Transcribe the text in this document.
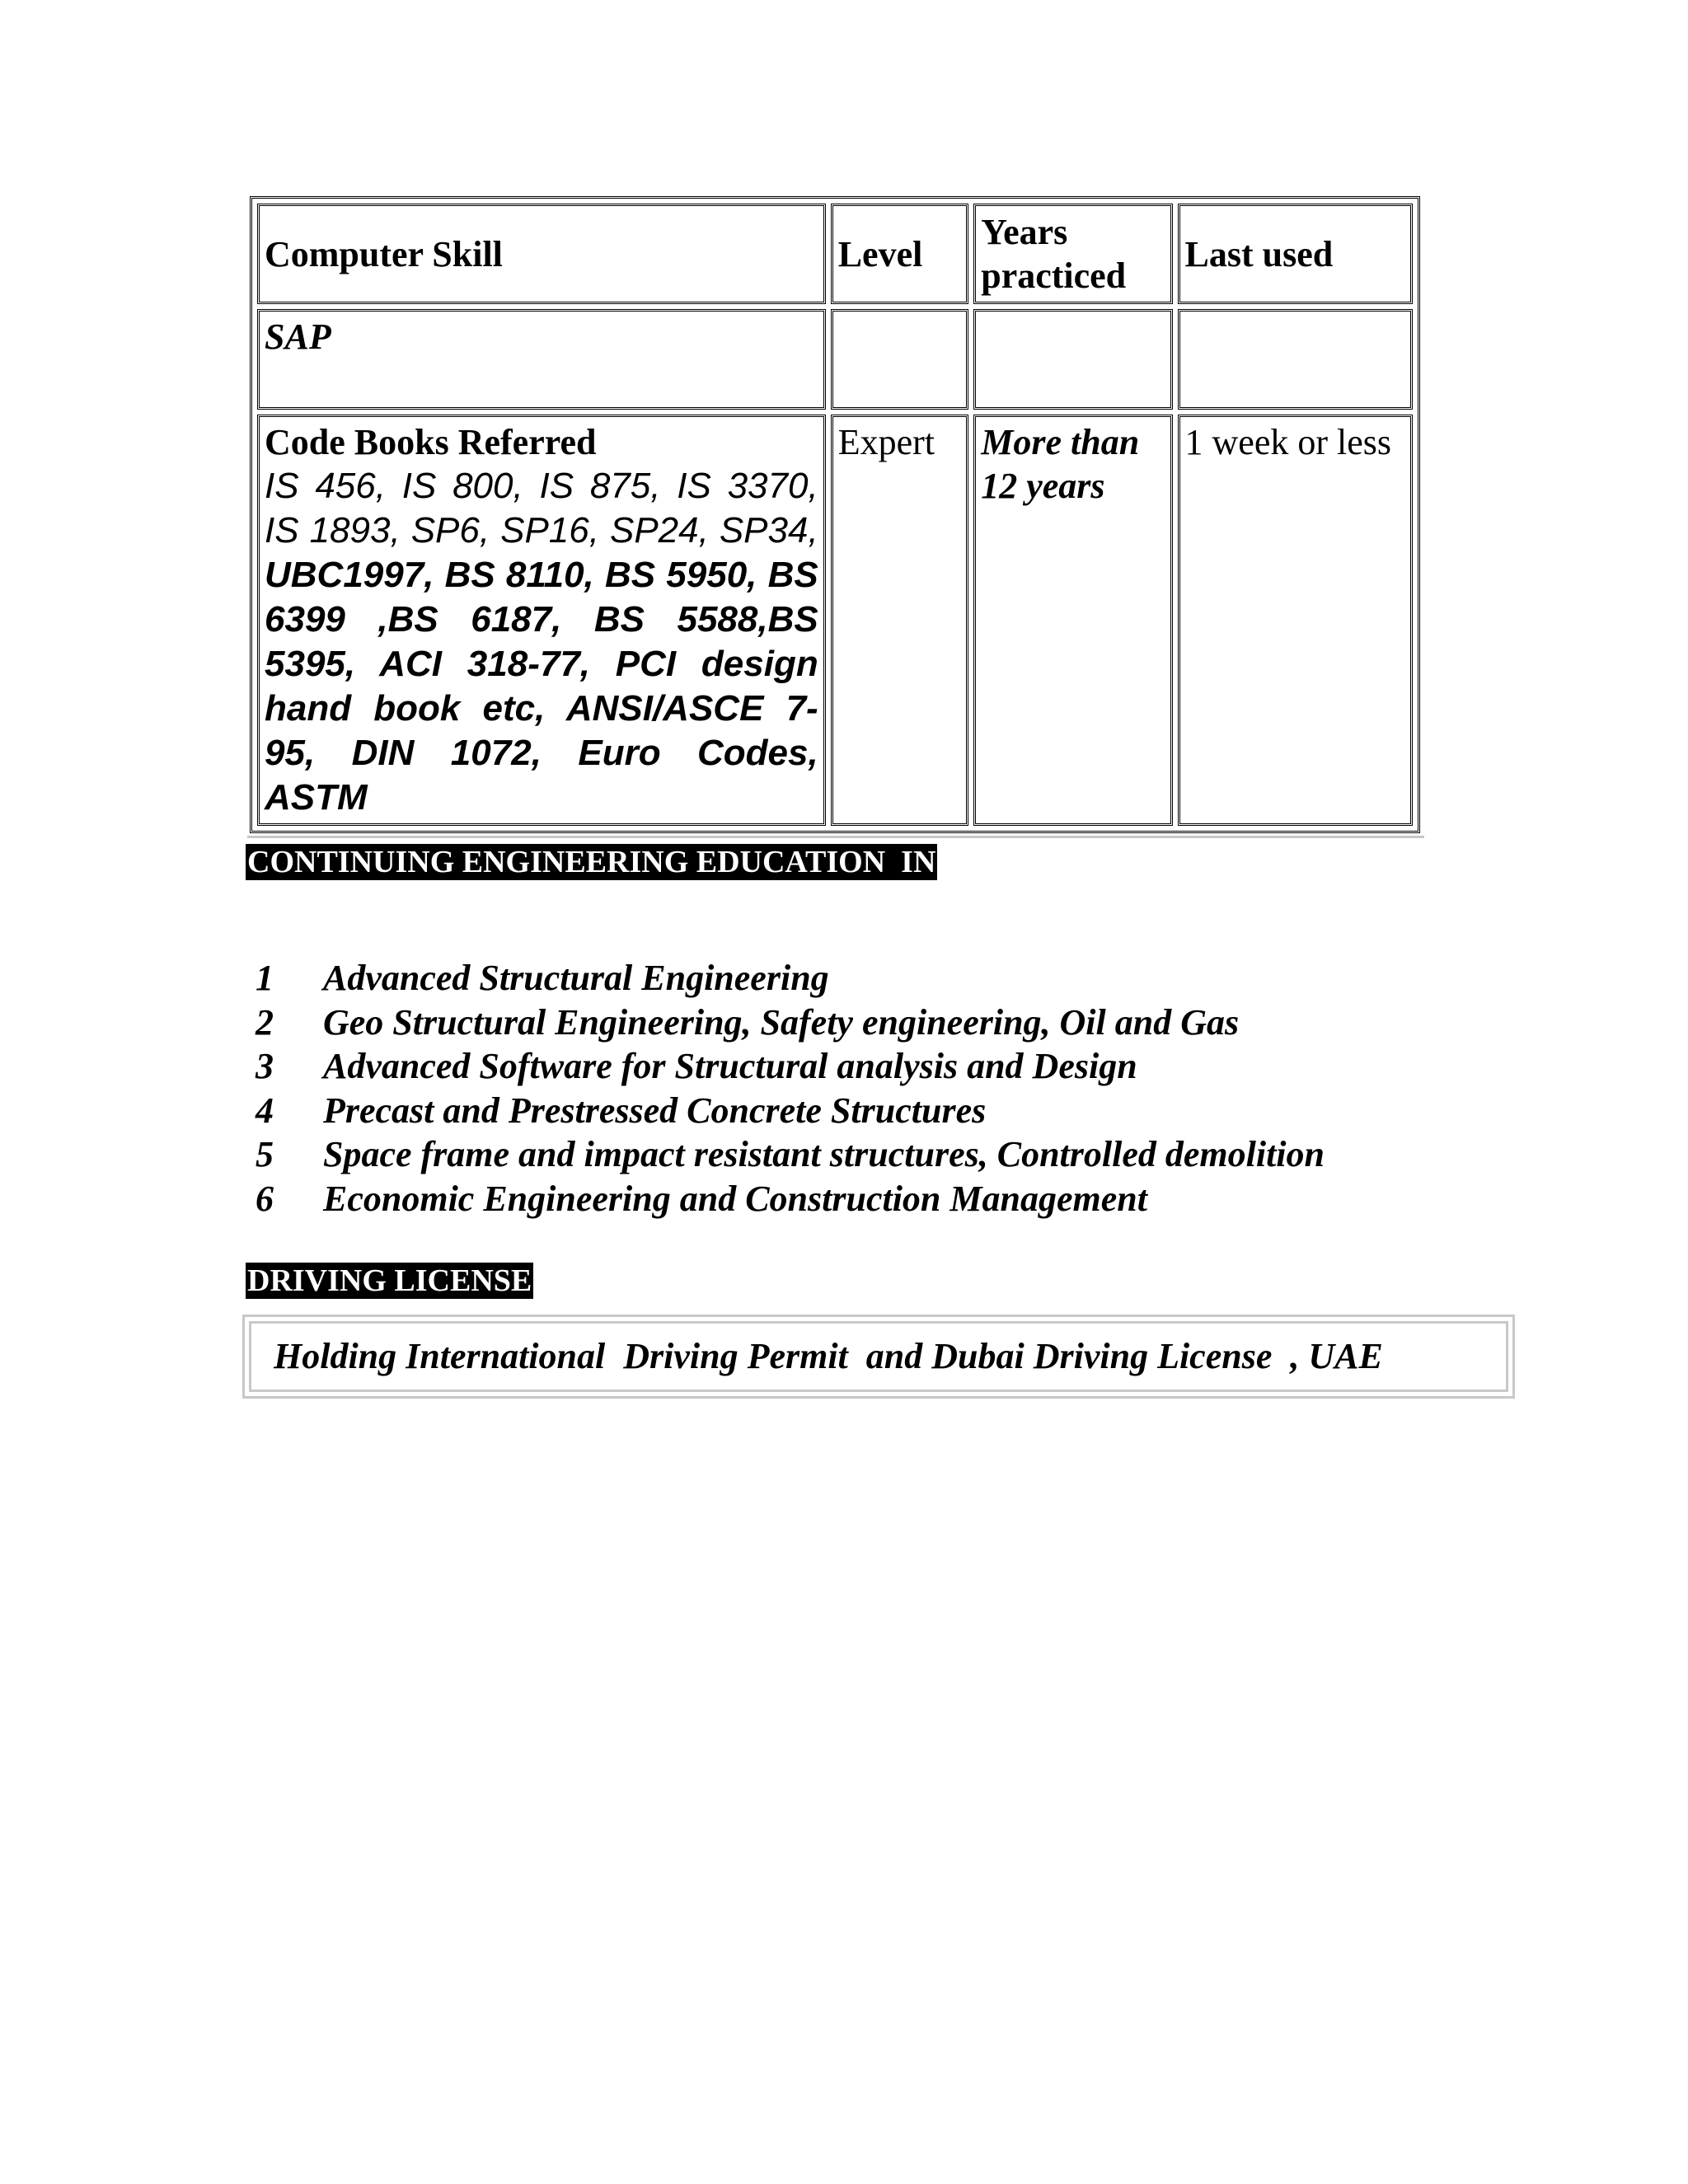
Computer Skill	Level	Years practiced	Last used
SAP			

Code Books Referred
IS 456, IS 800, IS 875, IS 3370, IS 1893, SP6, SP16, SP24, SP34, UBC1997, BS 8110, BS 5950, BS 6399 ,BS 6187, BS 5588,BS 5395, ACI 318-77, PCI design hand book etc, ANSI/ASCE 7-95, DIN 1072, Euro Codes, ASTM	Expert	More than 12 years	1 week or less
CONTINUING ENGINEERING EDUCATION  IN
1	Advanced Structural Engineering
2	Geo Structural Engineering, Safety engineering, Oil and Gas
3	Advanced Software for Structural analysis and Design
4	Precast and Prestressed Concrete Structures
5	Space frame and impact resistant structures, Controlled demolition
6	Economic Engineering and Construction Management
DRIVING LICENSE
Holding International  Driving Permit  and Dubai Driving License  , UAE
